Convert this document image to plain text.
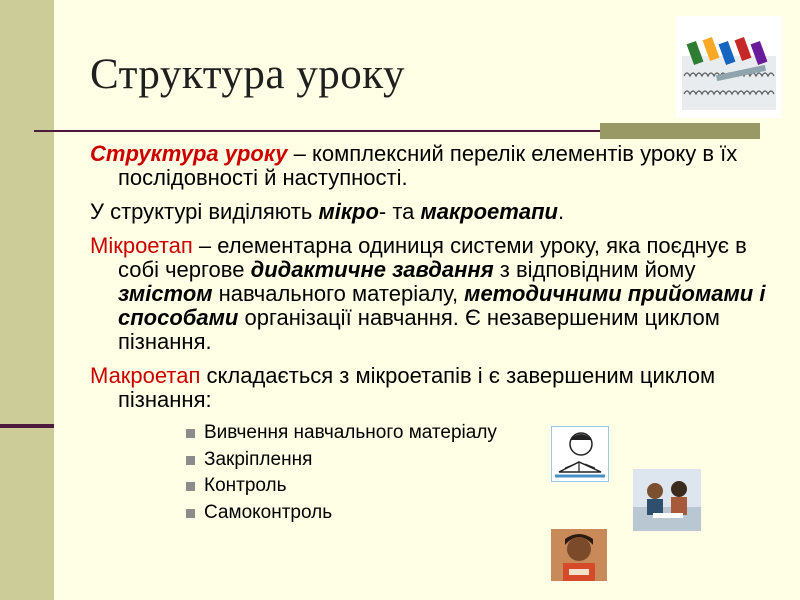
Структура уроку

Структура уроку – комплексний перелік елементів уроку в їх послідовності й наступності.

У структурі виділяють мікро- та макроетапи.

Мікроетап – елементарна одиниця системи уроку, яка поєднує в собі чергове дидактичне завдання з відповідним йому змістом навчального матеріалу, методичними прийомами і способами організації навчання. Є незавершеним циклом пізнання.

Макроетап складається з мікроетапів і є завершеним циклом пізнання:

Вивчення навчального матеріалу
Закріплення
Контроль
Самоконтроль
